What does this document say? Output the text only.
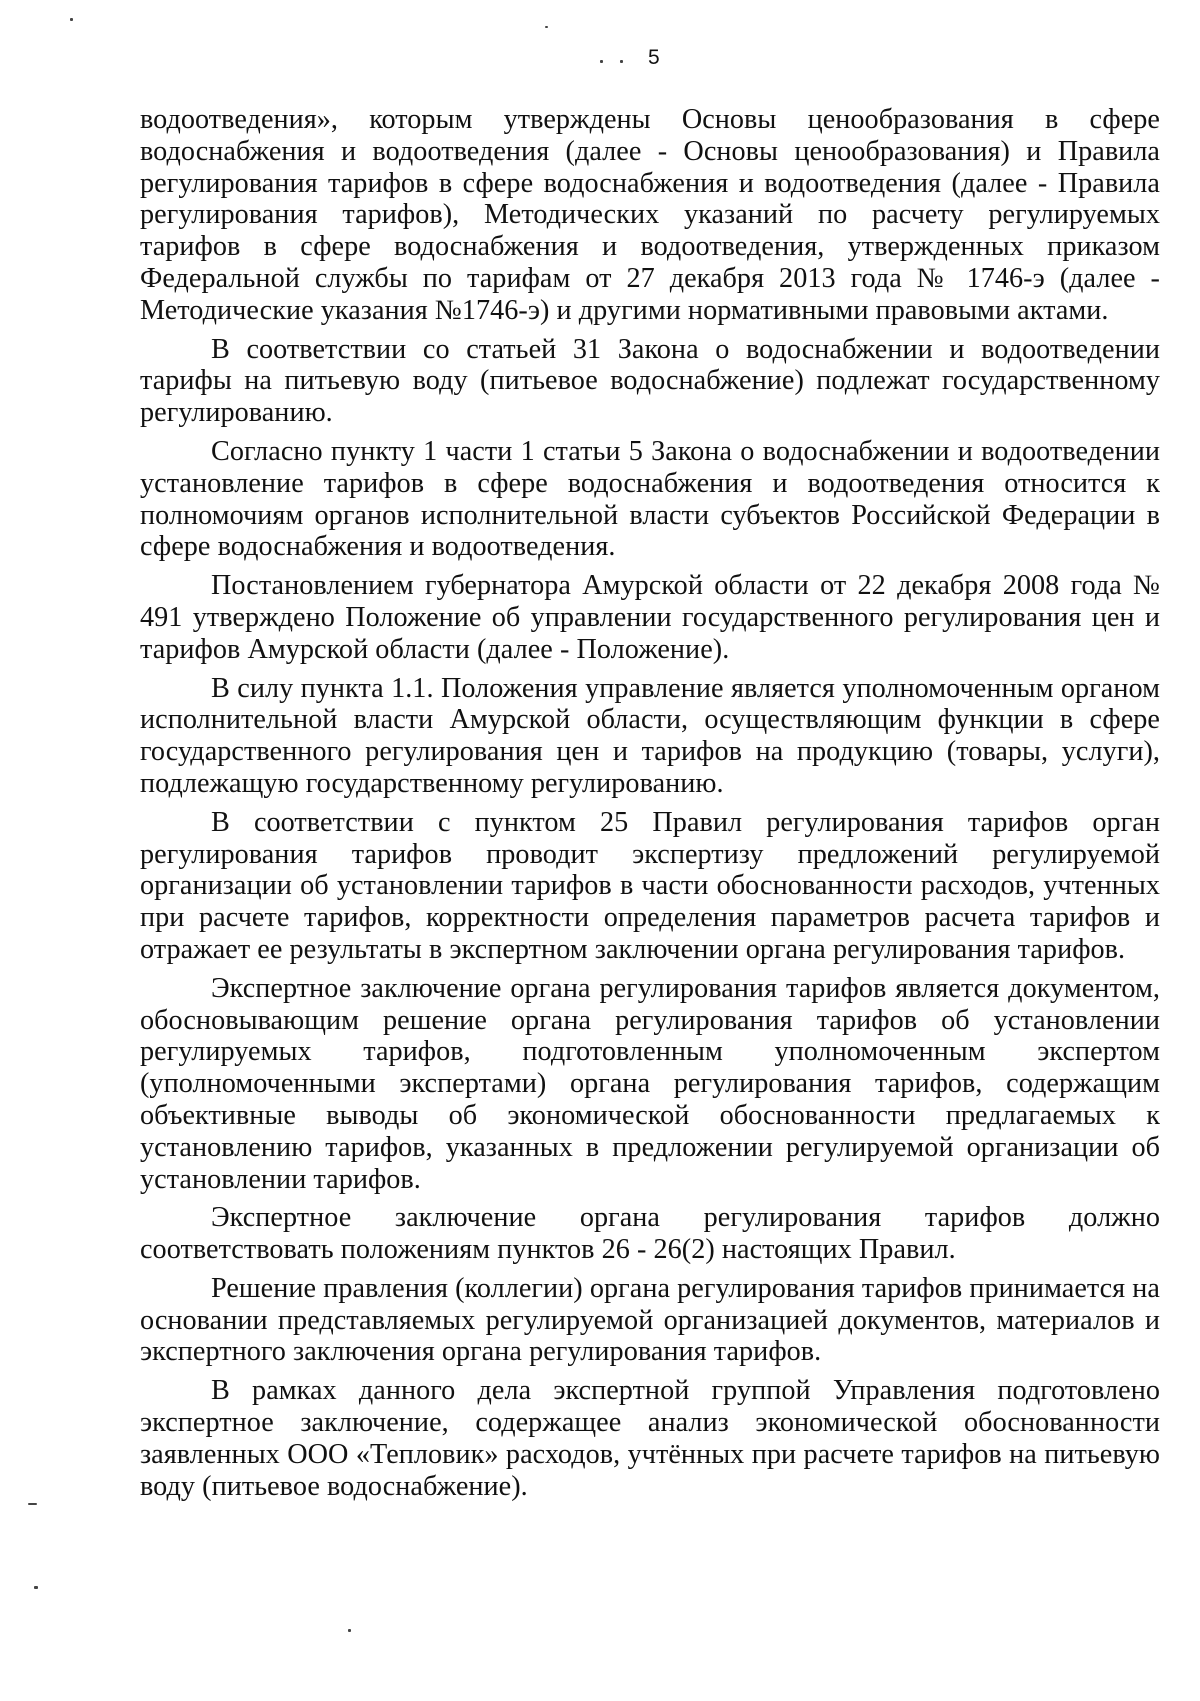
5

водоотведения», которым утверждены Основы ценообразования в сфере водоснабжения и водоотведения (далее - Основы ценообразования) и Правила регулирования тарифов в сфере водоснабжения и водоотведения (далее - Правила регулирования тарифов), Методических указаний по расчету регулируемых тарифов в сфере водоснабжения и водоотведения, утвержденных приказом Федеральной службы по тарифам от 27 декабря 2013 года № 1746-э (далее - Методические указания №1746-э) и другими нормативными правовыми актами.

В соответствии со статьей 31 Закона о водоснабжении и водоотведении тарифы на питьевую воду (питьевое водоснабжение) подлежат государственному регулированию.

Согласно пункту 1 части 1 статьи 5 Закона о водоснабжении и водоотведении установление тарифов в сфере водоснабжения и водоотведения относится к полномочиям органов исполнительной власти субъектов Российской Федерации в сфере водоснабжения и водоотведения.

Постановлением губернатора Амурской области от 22 декабря 2008 года № 491 утверждено Положение об управлении государственного регулирования цен и тарифов Амурской области (далее - Положение).

В силу пункта 1.1. Положения управление является уполномоченным органом исполнительной власти Амурской области, осуществляющим функции в сфере государственного регулирования цен и тарифов на продукцию (товары, услуги), подлежащую государственному регулированию.

В соответствии с пунктом 25 Правил регулирования тарифов орган регулирования тарифов проводит экспертизу предложений регулируемой организации об установлении тарифов в части обоснованности расходов, учтенных при расчете тарифов, корректности определения параметров расчета тарифов и отражает ее результаты в экспертном заключении органа регулирования тарифов.

Экспертное заключение органа регулирования тарифов является документом, обосновывающим решение органа регулирования тарифов об установлении регулируемых тарифов, подготовленным уполномоченным экспертом (уполномоченными экспертами) органа регулирования тарифов, содержащим объективные выводы об экономической обоснованности предлагаемых к установлению тарифов, указанных в предложении регулируемой организации об установлении тарифов.

Экспертное заключение органа регулирования тарифов должно соответствовать положениям пунктов 26 - 26(2) настоящих Правил.

Решение правления (коллегии) органа регулирования тарифов принимается на основании представляемых регулируемой организацией документов, материалов и экспертного заключения органа регулирования тарифов.

В рамках данного дела экспертной группой Управления подготовлено экспертное заключение, содержащее анализ экономической обоснованности заявленных ООО «Тепловик» расходов, учтённых при расчете тарифов на питьевую воду (питьевое водоснабжение).
